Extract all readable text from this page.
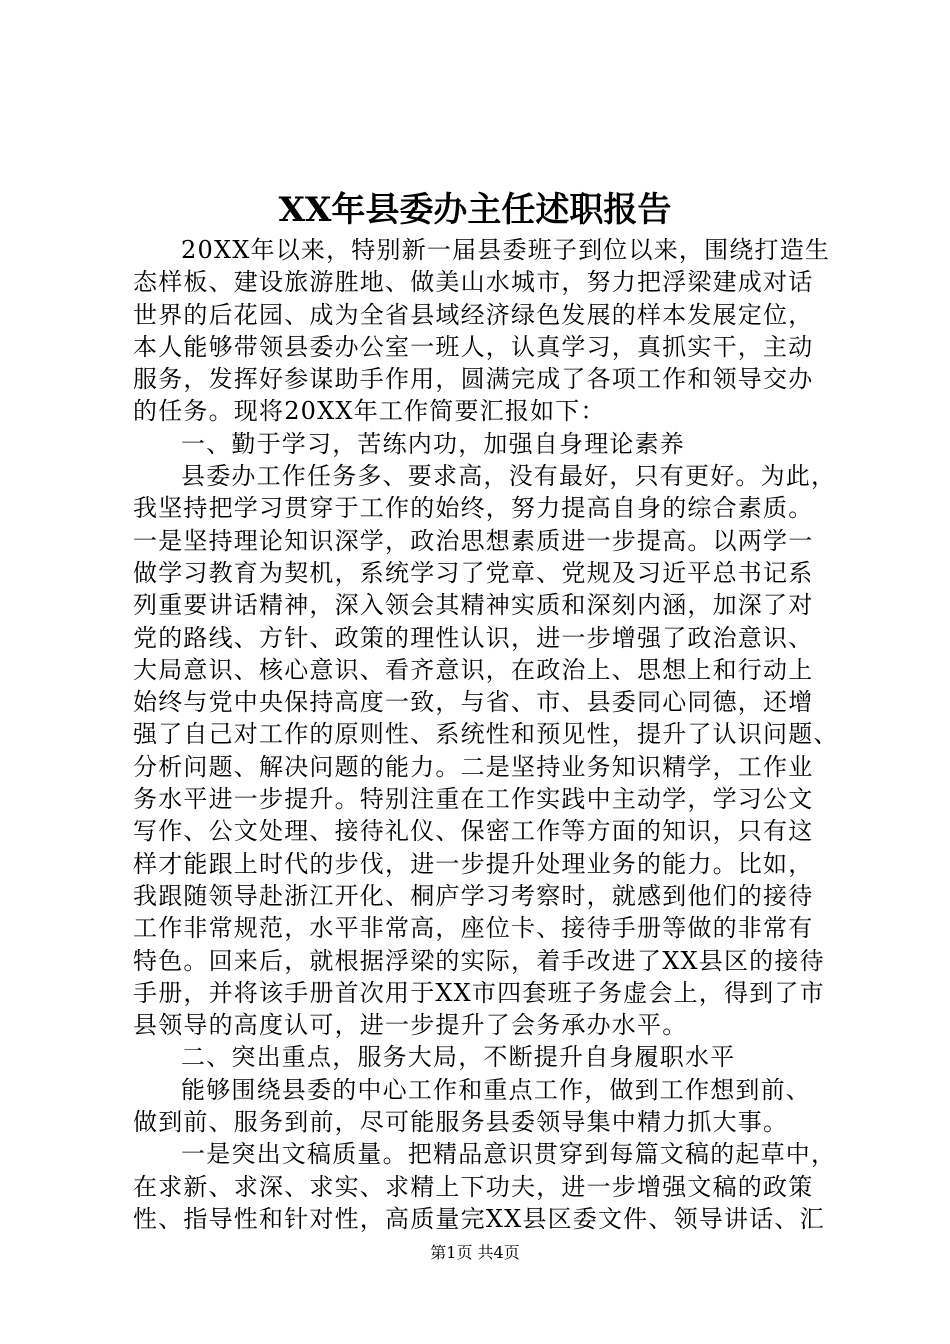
XX年县委办主任述职报告
20XX年以来，特别新一届县委班子到位以来，围绕打造生
态样板、建设旅游胜地、做美山水城市，努力把浮梁建成对话
世界的后花园、成为全省县域经济绿色发展的样本发展定位，
本人能够带领县委办公室一班人，认真学习，真抓实干，主动
服务，发挥好参谋助手作用，圆满完成了各项工作和领导交办
的任务。现将20XX年工作简要汇报如下：
一、勤于学习，苦练内功，加强自身理论素养
县委办工作任务多、要求高，没有最好，只有更好。为此，
我坚持把学习贯穿于工作的始终，努力提高自身的综合素质。
一是坚持理论知识深学，政治思想素质进一步提高。以两学一
做学习教育为契机，系统学习了党章、党规及习近平总书记系
列重要讲话精神，深入领会其精神实质和深刻内涵，加深了对
党的路线、方针、政策的理性认识，进一步增强了政治意识、
大局意识、核心意识、看齐意识，在政治上、思想上和行动上
始终与党中央保持高度一致，与省、市、县委同心同德，还增
强了自己对工作的原则性、系统性和预见性，提升了认识问题、
分析问题、解决问题的能力。二是坚持业务知识精学，工作业
务水平进一步提升。特别注重在工作实践中主动学，学习公文
写作、公文处理、接待礼仪、保密工作等方面的知识，只有这
样才能跟上时代的步伐，进一步提升处理业务的能力。比如，
我跟随领导赴浙江开化、桐庐学习考察时，就感到他们的接待
工作非常规范，水平非常高，座位卡、接待手册等做的非常有
特色。回来后，就根据浮梁的实际，着手改进了XX县区的接待
手册，并将该手册首次用于XX市四套班子务虚会上，得到了市
县领导的高度认可，进一步提升了会务承办水平。
二、突出重点，服务大局，不断提升自身履职水平
能够围绕县委的中心工作和重点工作，做到工作想到前、
做到前、服务到前，尽可能服务县委领导集中精力抓大事。
一是突出文稿质量。把精品意识贯穿到每篇文稿的起草中，
在求新、求深、求实、求精上下功夫，进一步增强文稿的政策
性、指导性和针对性，高质量完XX县区委文件、领导讲话、汇
第1页 共4页
